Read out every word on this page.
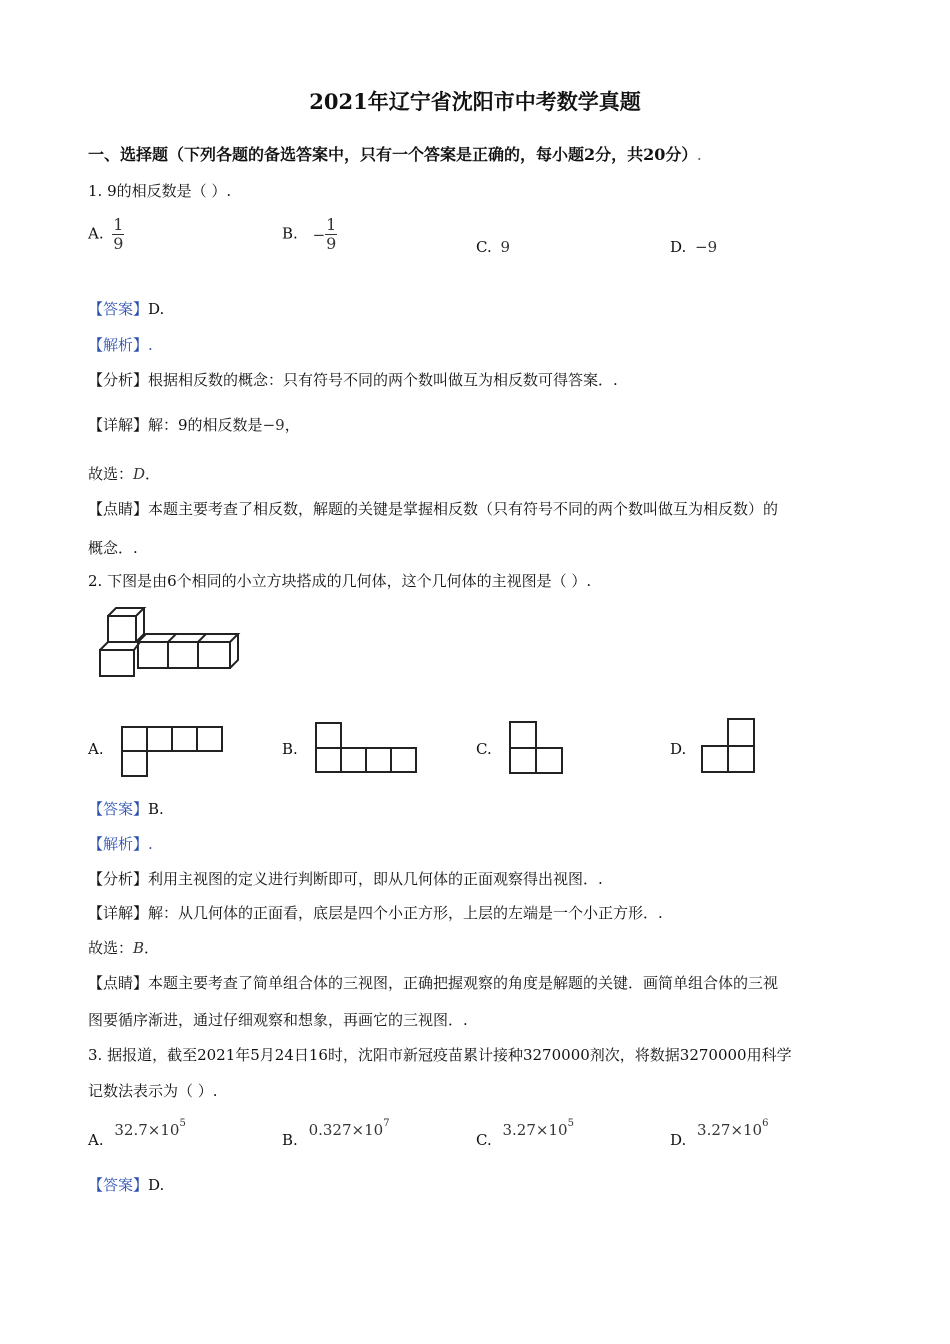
2021年辽宁省沈阳市中考数学真题
一、选择题（下列各题的备选答案中，只有一个答案是正确的，每小题2分，共20分）.
1. 9的相反数是（ ）.
A. $\frac{1}{9}$	B. − $\frac{1}{9}$	C. 9	D. −9
【答案】D.
【解析】.
【分析】根据相反数的概念：只有符号不同的两个数叫做互为相反数可得答案．.
【详解】解：9的相反数是−9，
故选：D．
【点睛】本题主要考查了相反数，解题的关键是掌握相反数（只有符号不同的两个数叫做互为相反数）的
概念．.
2. 下图是由6个相同的小立方块搭成的几何体，这个几何体的主视图是（ ）.
A.	B.	C.	D.
【答案】B.
【解析】.
【分析】利用主视图的定义进行判断即可，即从几何体的正面观察得出视图．.
【详解】解：从几何体的正面看，底层是四个小正方形，上层的左端是一个小正方形．.
故选：B．
【点睛】本题主要考查了简单组合体的三视图，正确把握观察的角度是解题的关键．画简单组合体的三视
图要循序渐进，通过仔细观察和想象，再画它的三视图．.
3. 据报道，截至2021年5月24日16时，沈阳市新冠疫苗累计接种3270000剂次，将数据3270000用科学
记数法表示为（ ）.
A. $32.7\times 10^5$
B. $0.327\times 10^7$
C. $3.27\times 10^5$
D. $3.27\times 10^6$
【答案】D.
